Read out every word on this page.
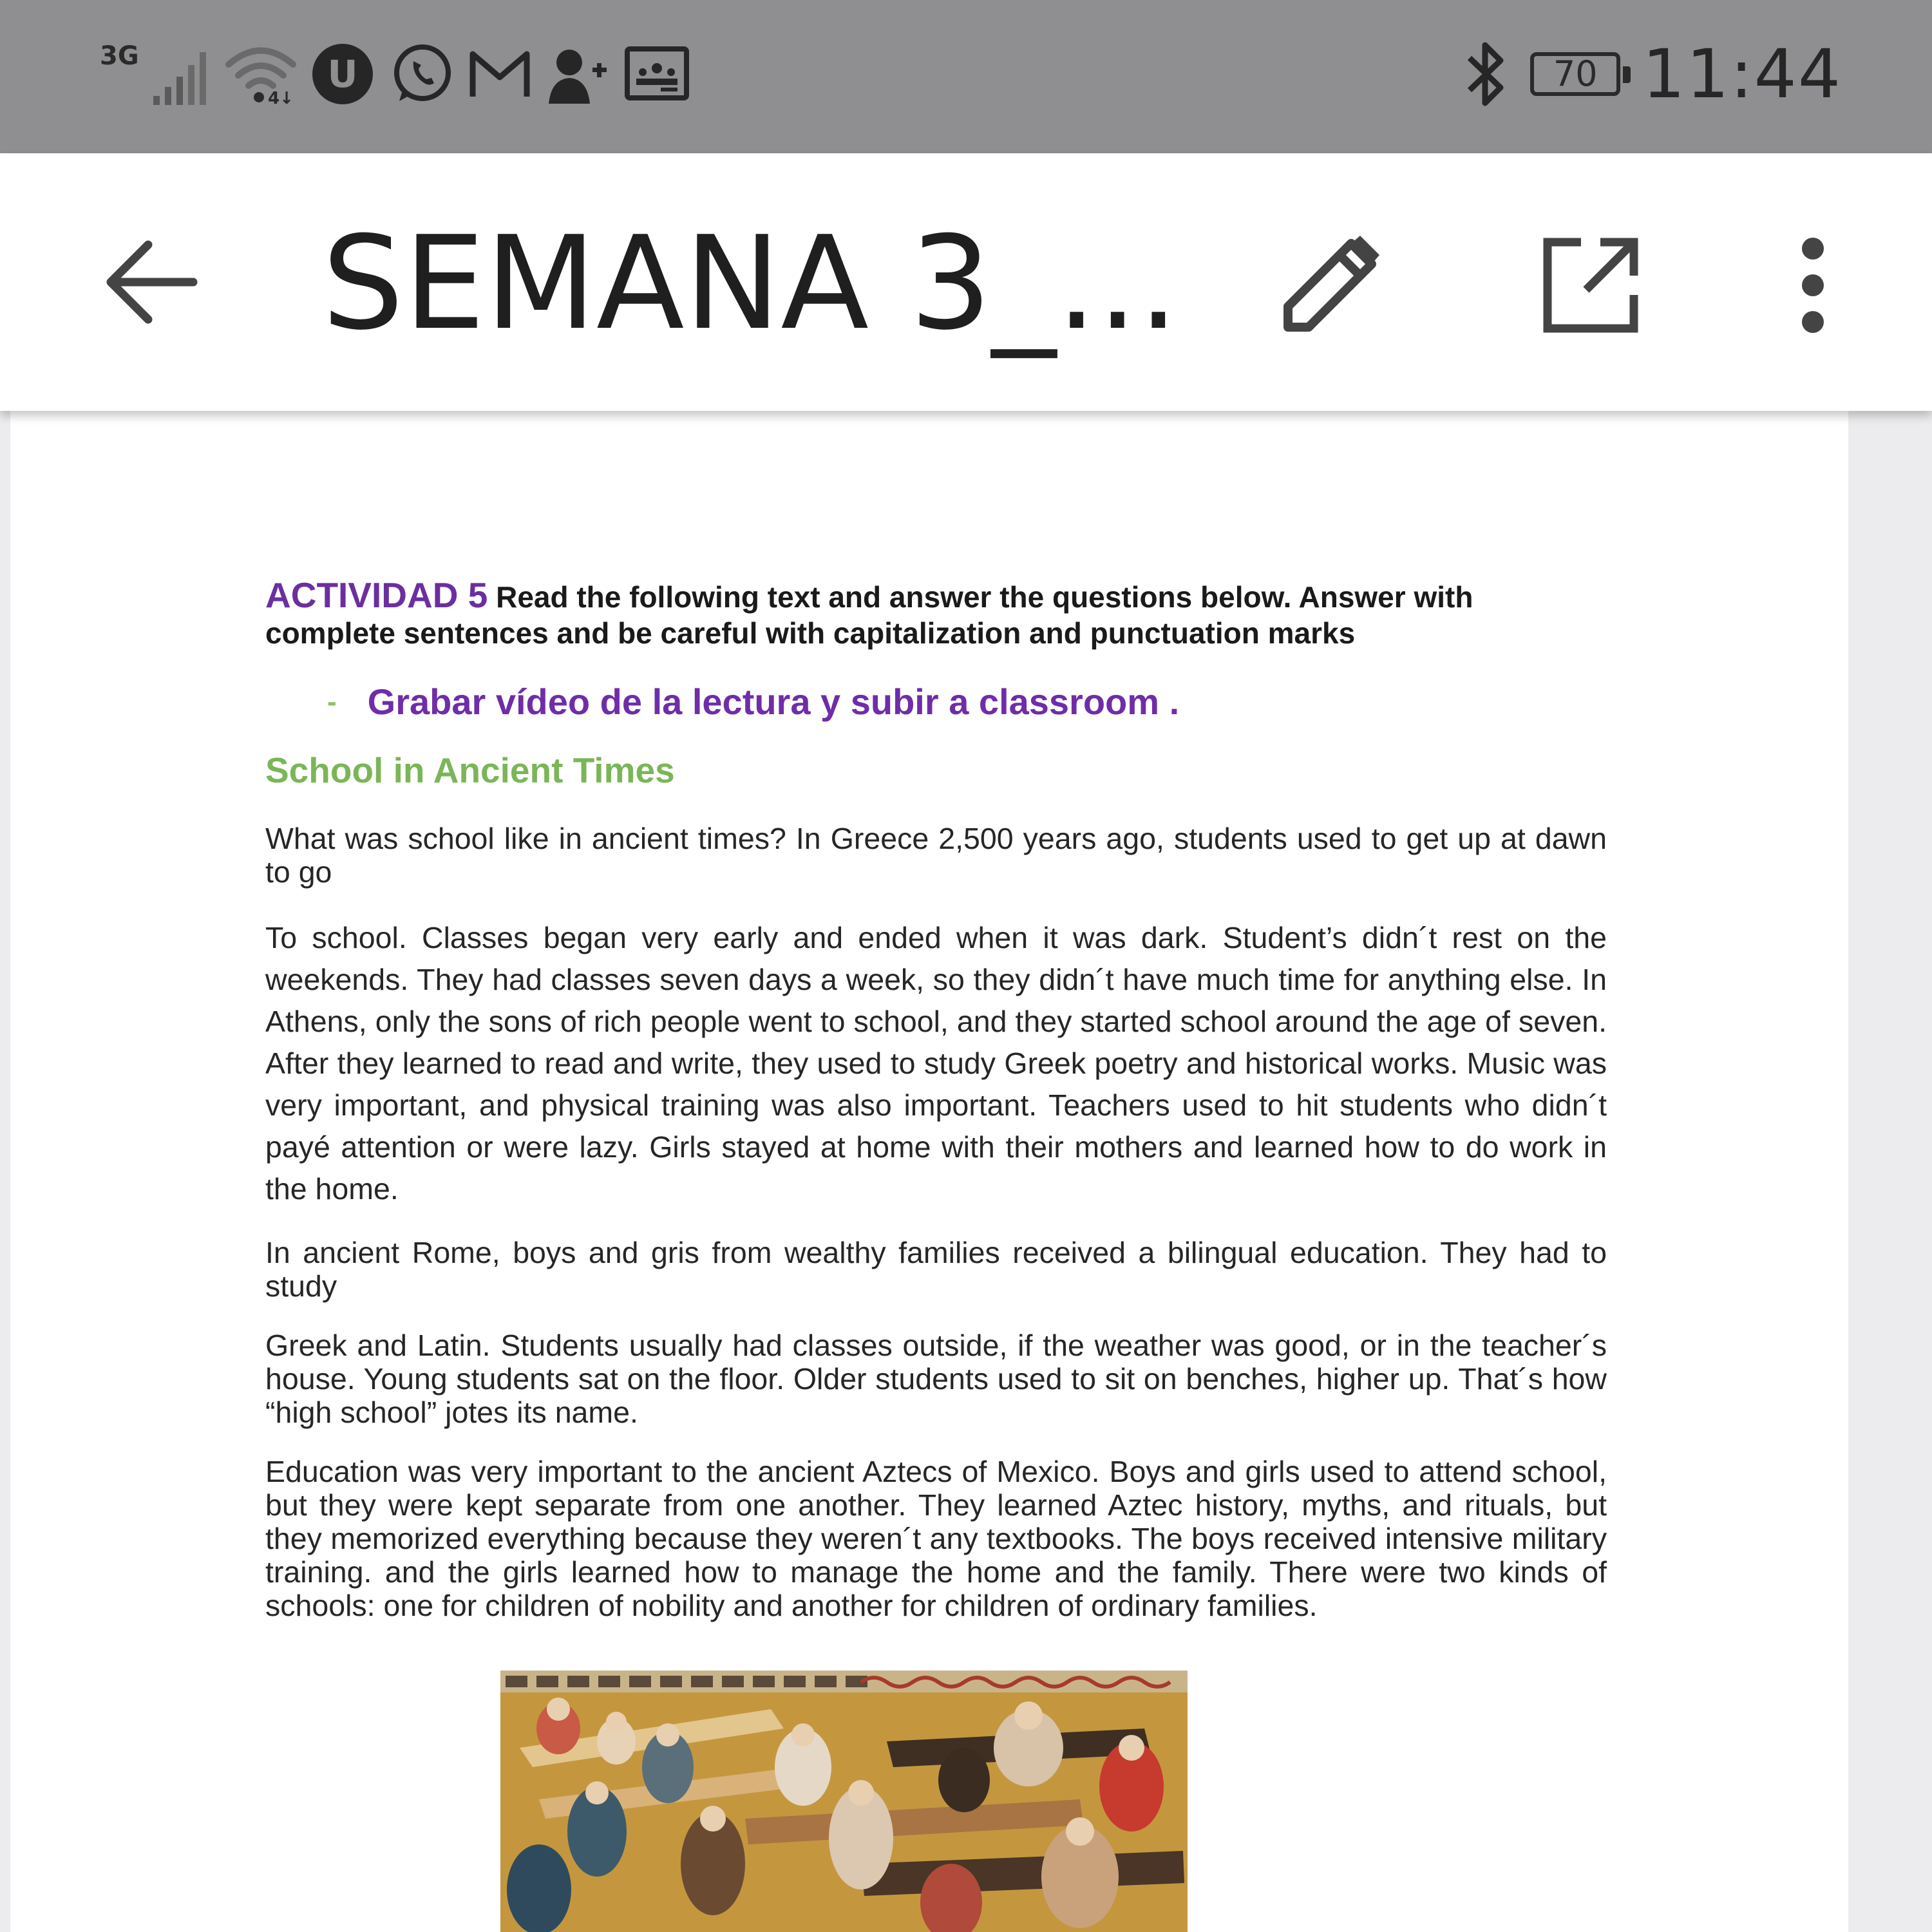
3G
4↓
U	70 11:44
SEMANA 3_...
ACTIVIDAD 5 Read the following text and answer the questions below. Answer with complete sentences and be careful with capitalization and punctuation marks
- Grabar vídeo de la lectura y subir a classroom .
School in Ancient Times

What was school like in ancient times? In Greece 2,500 years ago, students used to get up at dawn to go

To school. Classes began very early and ended when it was dark. Student’s didn´t rest on the weekends. They had classes seven days a week, so they didn´t have much time for anything else. In Athens, only the sons of rich people went to school, and they started school around the age of seven. After they learned to read and write, they used to study Greek poetry and historical works. Music was very important, and physical training was also important. Teachers used to hit students who didn´t payé attention or were lazy. Girls stayed at home with their mothers and learned how to do work in the home.

In ancient Rome, boys and gris from wealthy families received a bilingual education. They had to study

Greek and Latin. Students usually had classes outside, if the weather was good, or in the teacher´s house. Young students sat on the floor. Older students used to sit on benches, higher up. That´s how “high school” jotes its name.

Education was very important to the ancient Aztecs of Mexico. Boys and girls used to attend school, but they were kept separate from one another. They learned Aztec history, myths, and rituals, but they memorized everything because they weren´t any textbooks. The boys received intensive military training. and the girls learned how to manage the home and the family. There were two kinds of schools: one for children of nobility and another for children of ordinary families.
